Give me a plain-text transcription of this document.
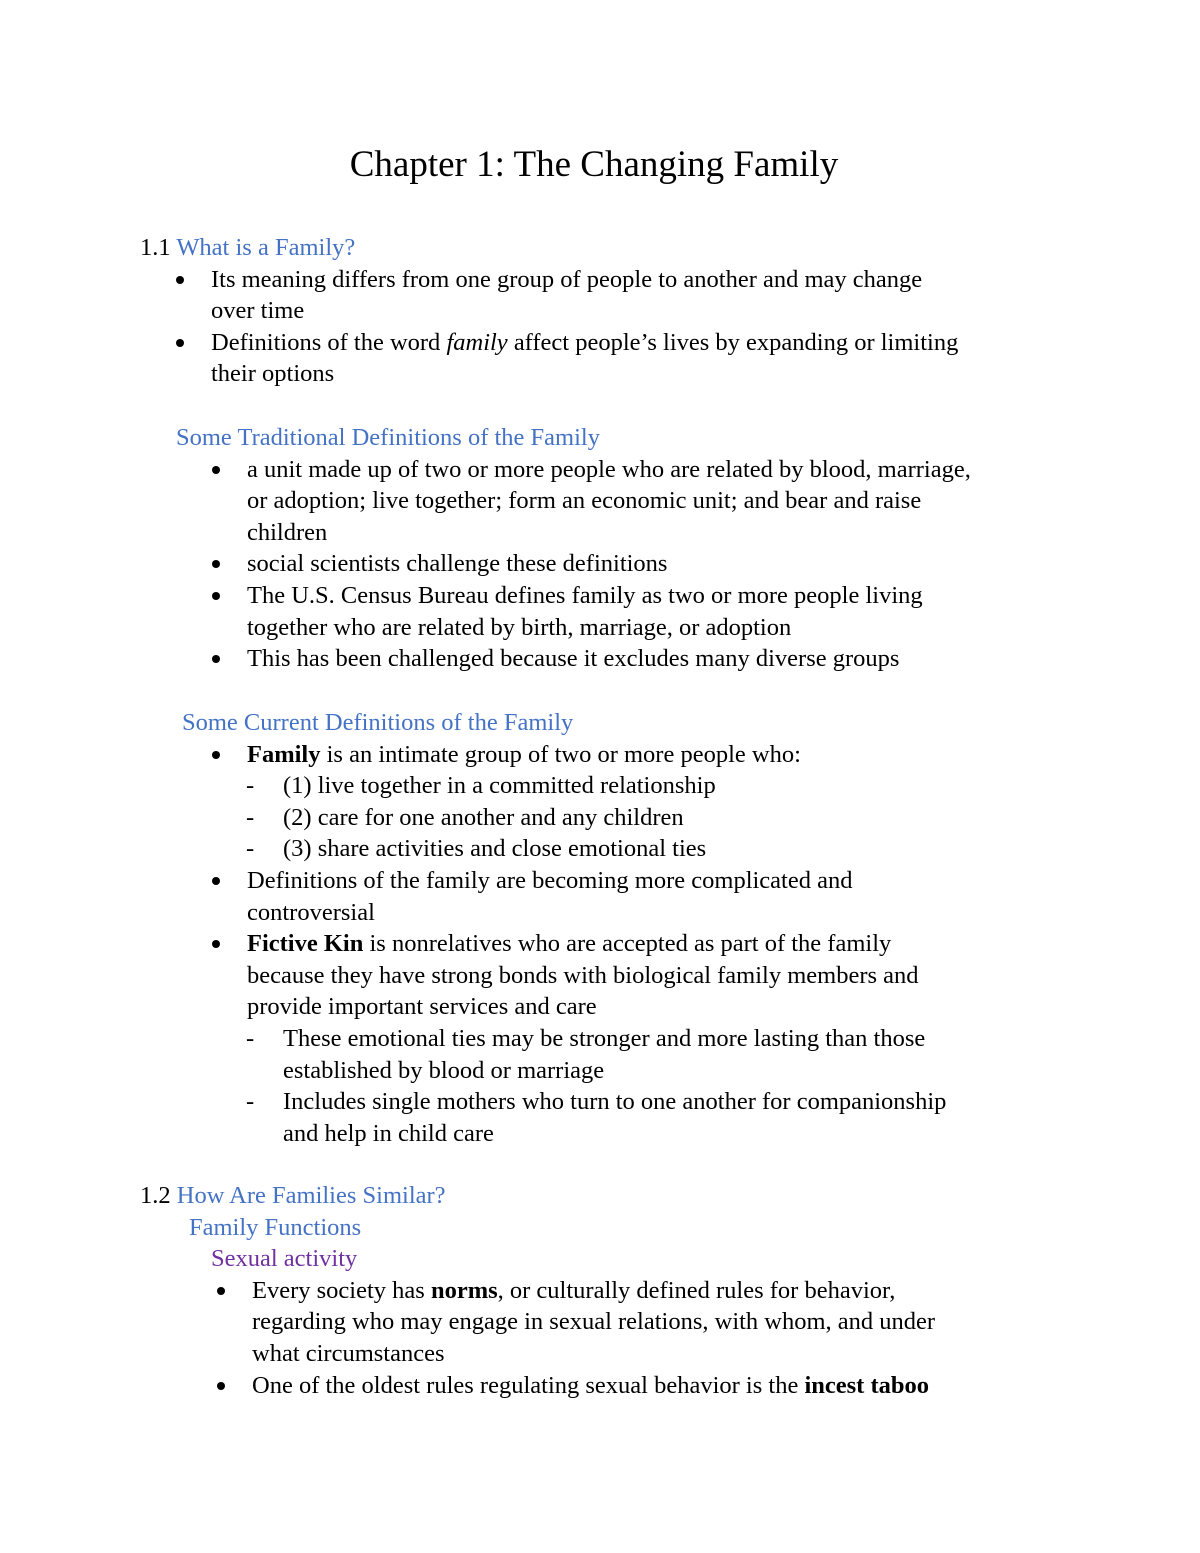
Chapter 1: The Changing Family
1.1 What is a Family?
Its meaning differs from one group of people to another and may change
over time
Definitions of the word family affect people’s lives by expanding or limiting
their options
Some Traditional Definitions of the Family
a unit made up of two or more people who are related by blood, marriage,
or adoption; live together; form an economic unit; and bear and raise
children
social scientists challenge these definitions
The U.S. Census Bureau defines family as two or more people living
together who are related by birth, marriage, or adoption
This has been challenged because it excludes many diverse groups
Some Current Definitions of the Family
Family is an intimate group of two or more people who:
- (1) live together in a committed relationship
- (2) care for one another and any children
- (3) share activities and close emotional ties
Definitions of the family are becoming more complicated and
controversial
Fictive Kin is nonrelatives who are accepted as part of the family
because they have strong bonds with biological family members and
provide important services and care
- These emotional ties may be stronger and more lasting than those
established by blood or marriage
- Includes single mothers who turn to one another for companionship
and help in child care
1.2 How Are Families Similar?
Family Functions
Sexual activity
Every society has norms, or culturally defined rules for behavior,
regarding who may engage in sexual relations, with whom, and under
what circumstances
One of the oldest rules regulating sexual behavior is the incest taboo
